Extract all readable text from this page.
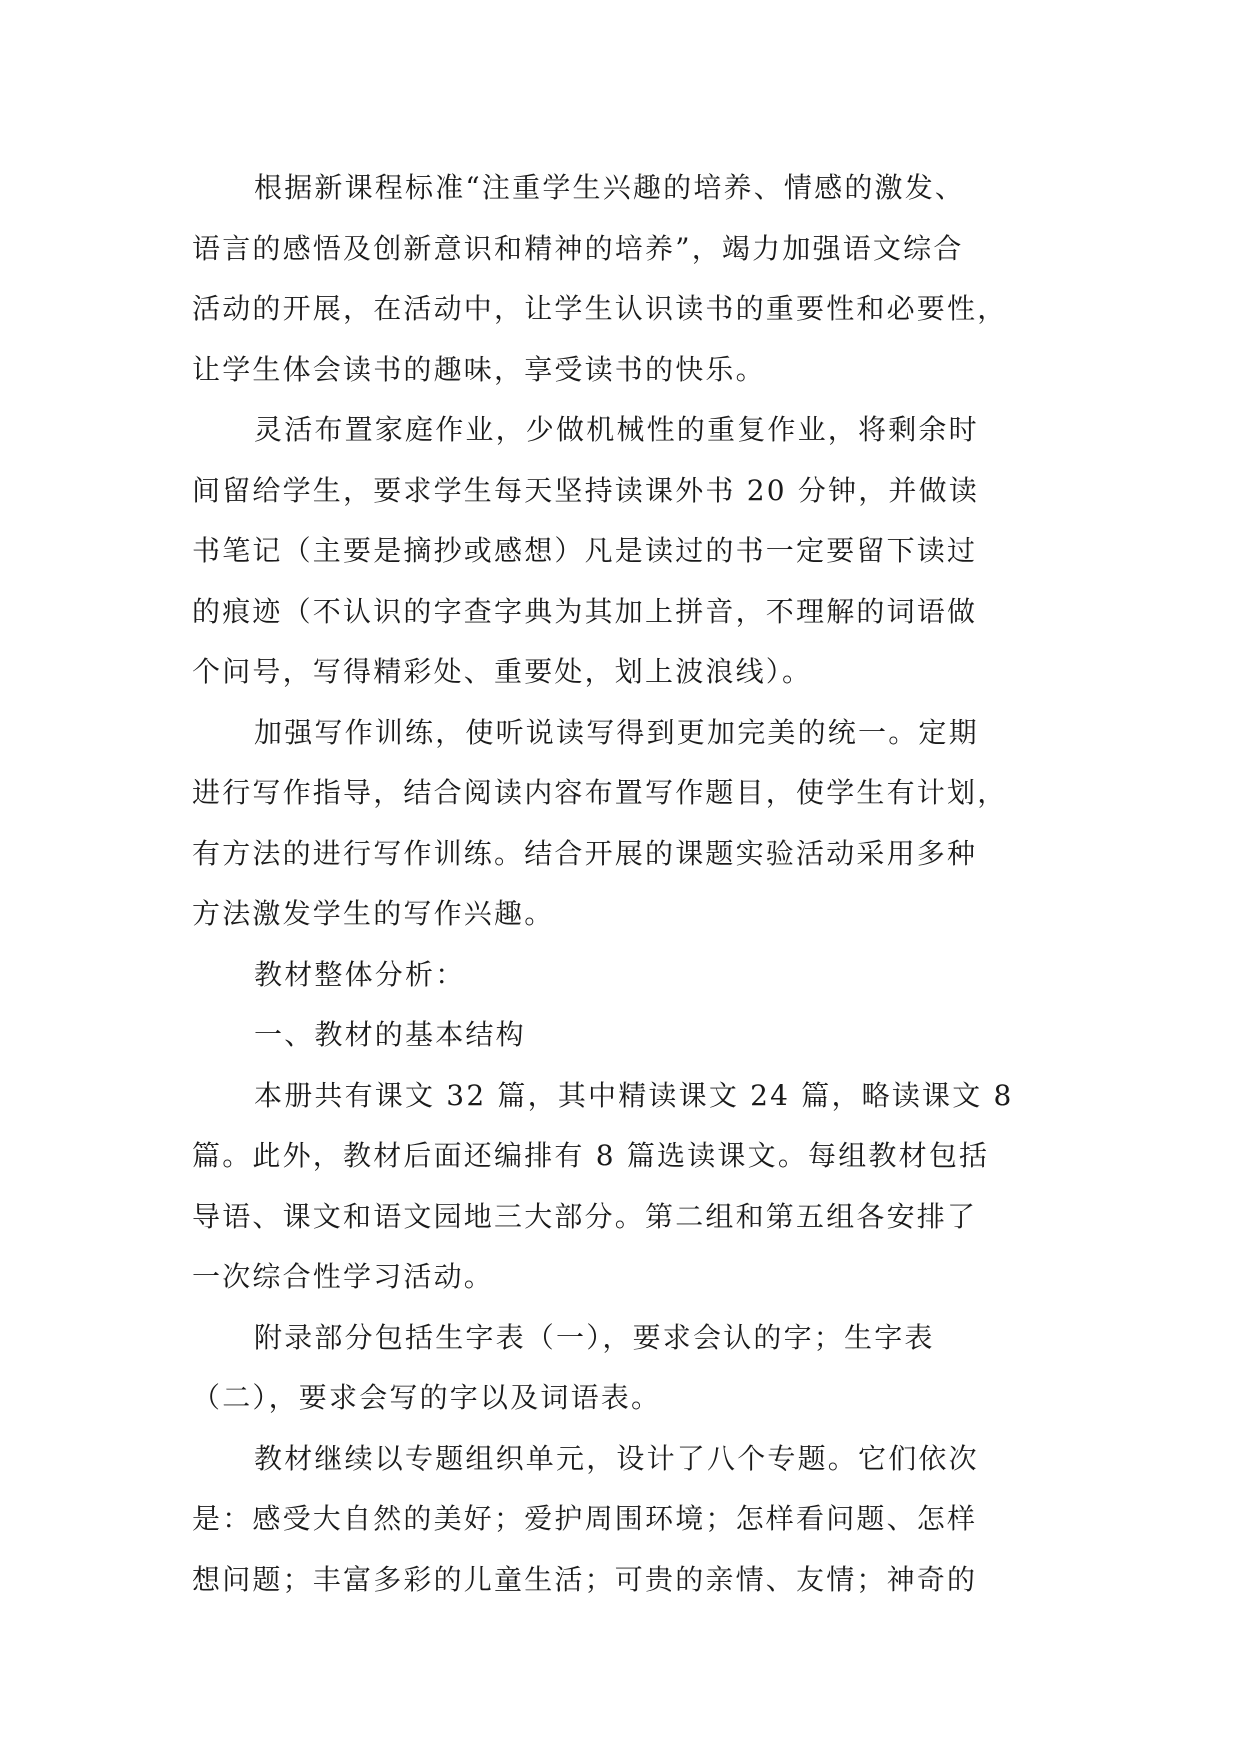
根据新课程标准“注重学生兴趣的培养、情感的激发、
语言的感悟及创新意识和精神的培养”，竭力加强语文综合
活动的开展，在活动中，让学生认识读书的重要性和必要性，
让学生体会读书的趣味，享受读书的快乐。
灵活布置家庭作业，少做机械性的重复作业，将剩余时
间留给学生，要求学生每天坚持读课外书 20 分钟，并做读
书笔记（主要是摘抄或感想）凡是读过的书一定要留下读过
的痕迹（不认识的字查字典为其加上拼音，不理解的词语做
个问号，写得精彩处、重要处，划上波浪线）。
加强写作训练，使听说读写得到更加完美的统一。定期
进行写作指导，结合阅读内容布置写作题目，使学生有计划，
有方法的进行写作训练。结合开展的课题实验活动采用多种
方法激发学生的写作兴趣。
教材整体分析：
一、教材的基本结构
本册共有课文 32 篇，其中精读课文 24 篇，略读课文 8
篇。此外，教材后面还编排有 8 篇选读课文。每组教材包括
导语、课文和语文园地三大部分。第二组和第五组各安排了
一次综合性学习活动。
附录部分包括生字表（一），要求会认的字；生字表
（二），要求会写的字以及词语表。
教材继续以专题组织单元，设计了八个专题。它们依次
是：感受大自然的美好；爱护周围环境；怎样看问题、怎样
想问题；丰富多彩的儿童生活；可贵的亲情、友情；神奇的
